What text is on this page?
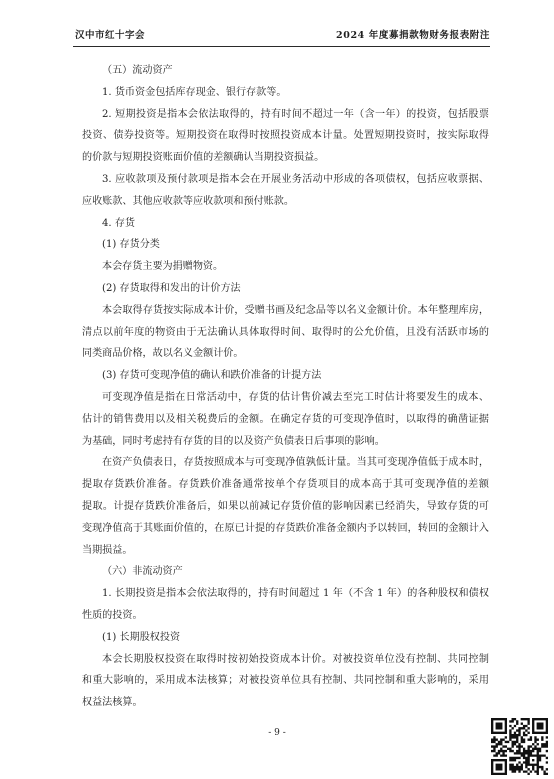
汉中市红十字会	2024 年度募捐款物财务报表附注
（五）流动资产
1. 货币资金包括库存现金、银行存款等。
2. 短期投资是指本会依法取得的，持有时间不超过一年（含一年）的投资，包括股票
投资、债券投资等。短期投资在取得时按照投资成本计量。处置短期投资时，按实际取得
的价款与短期投资账面价值的差额确认当期投资损益。
3. 应收款项及预付款项是指本会在开展业务活动中形成的各项债权，包括应收票据、
应收账款、其他应收款等应收款项和预付账款。
4. 存货
(1) 存货分类
本会存货主要为捐赠物资。
(2) 存货取得和发出的计价方法
本会取得存货按实际成本计价，受赠书画及纪念品等以名义金额计价。本年整理库房，
清点以前年度的物资由于无法确认具体取得时间、取得时的公允价值，且没有活跃市场的
同类商品价格，故以名义金额计价。
(3) 存货可变现净值的确认和跌价准备的计提方法
可变现净值是指在日常活动中，存货的估计售价减去至完工时估计将要发生的成本、
估计的销售费用以及相关税费后的金额。在确定存货的可变现净值时，以取得的确凿证据
为基础，同时考虑持有存货的目的以及资产负债表日后事项的影响。
在资产负债表日，存货按照成本与可变现净值孰低计量。当其可变现净值低于成本时，
提取存货跌价准备。存货跌价准备通常按单个存货项目的成本高于其可变现净值的差额
提取。计提存货跌价准备后，如果以前减记存货价值的影响因素已经消失，导致存货的可
变现净值高于其账面价值的，在原已计提的存货跌价准备金额内予以转回，转回的金额计入
当期损益。
（六）非流动资产
1. 长期投资是指本会依法取得的，持有时间超过 1 年（不含 1 年）的各种股权和债权
性质的投资。
(1) 长期股权投资
本会长期股权投资在取得时按初始投资成本计价。对被投资单位没有控制、共同控制
和重大影响的，采用成本法核算；对被投资单位具有控制、共同控制和重大影响的，采用
权益法核算。
- 9 -
